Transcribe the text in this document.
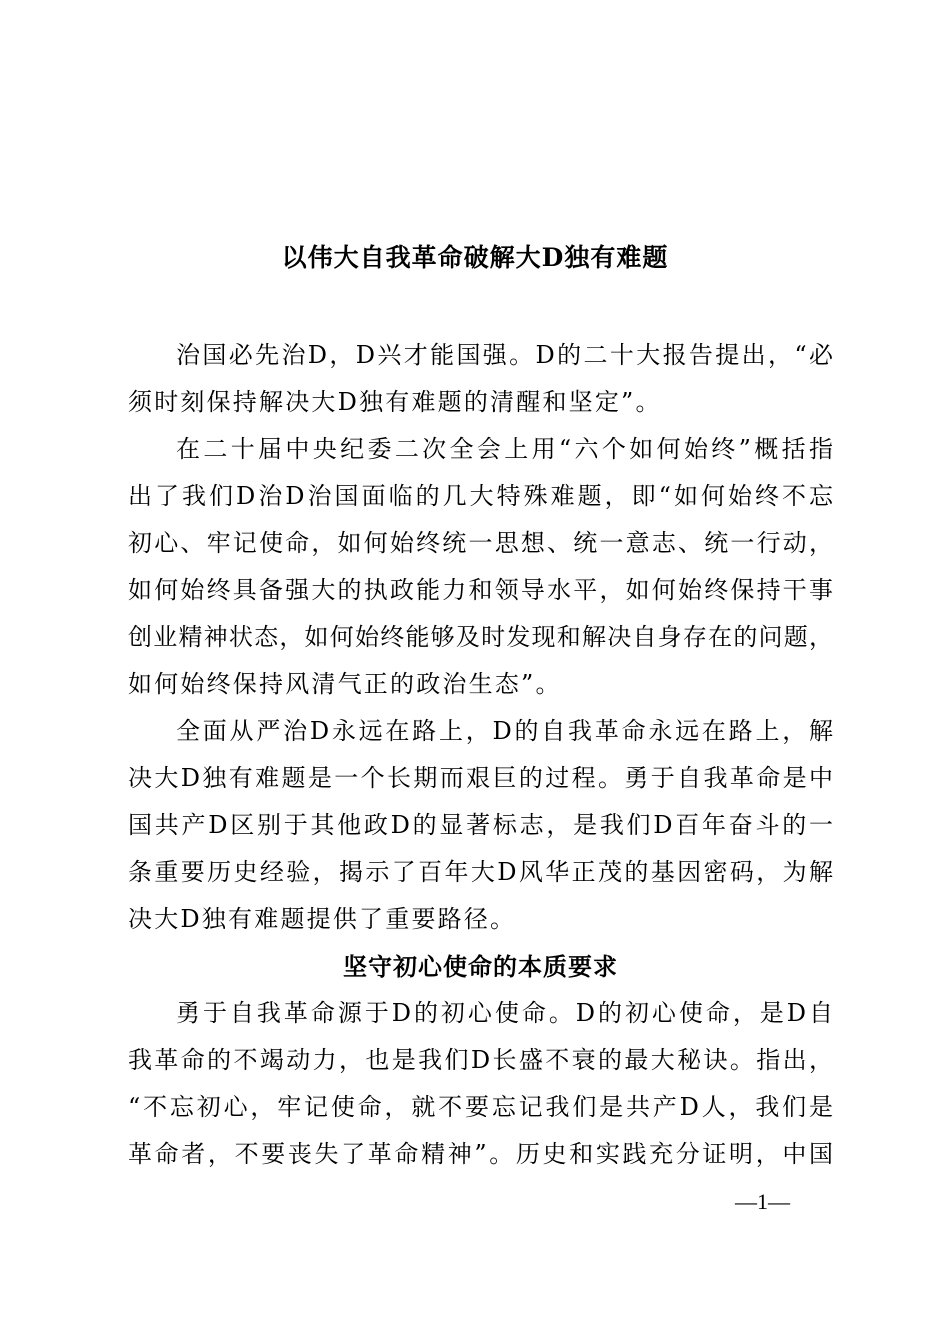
以伟大自我革命破解大D独有难题
治国必先治D，D兴才能国强。D的二十大报告提出，“必
须时刻保持解决大D独有难题的清醒和坚定”。
在二十届中央纪委二次全会上用“六个如何始终”概括指
出了我们D治D治国面临的几大特殊难题，即“如何始终不忘
初心、牢记使命，如何始终统一思想、统一意志、统一行动，
如何始终具备强大的执政能力和领导水平，如何始终保持干事
创业精神状态，如何始终能够及时发现和解决自身存在的问题，
如何始终保持风清气正的政治生态”。
全面从严治D永远在路上，D的自我革命永远在路上，解
决大D独有难题是一个长期而艰巨的过程。勇于自我革命是中
国共产D区别于其他政D的显著标志，是我们D百年奋斗的一
条重要历史经验，揭示了百年大D风华正茂的基因密码，为解
决大D独有难题提供了重要路径。
坚守初心使命的本质要求
勇于自我革命源于D的初心使命。D的初心使命，是D自
我革命的不竭动力，也是我们D长盛不衰的最大秘诀。指出，
“不忘初心，牢记使命，就不要忘记我们是共产D人，我们是
革命者，不要丧失了革命精神”。历史和实践充分证明，中国
—1—
